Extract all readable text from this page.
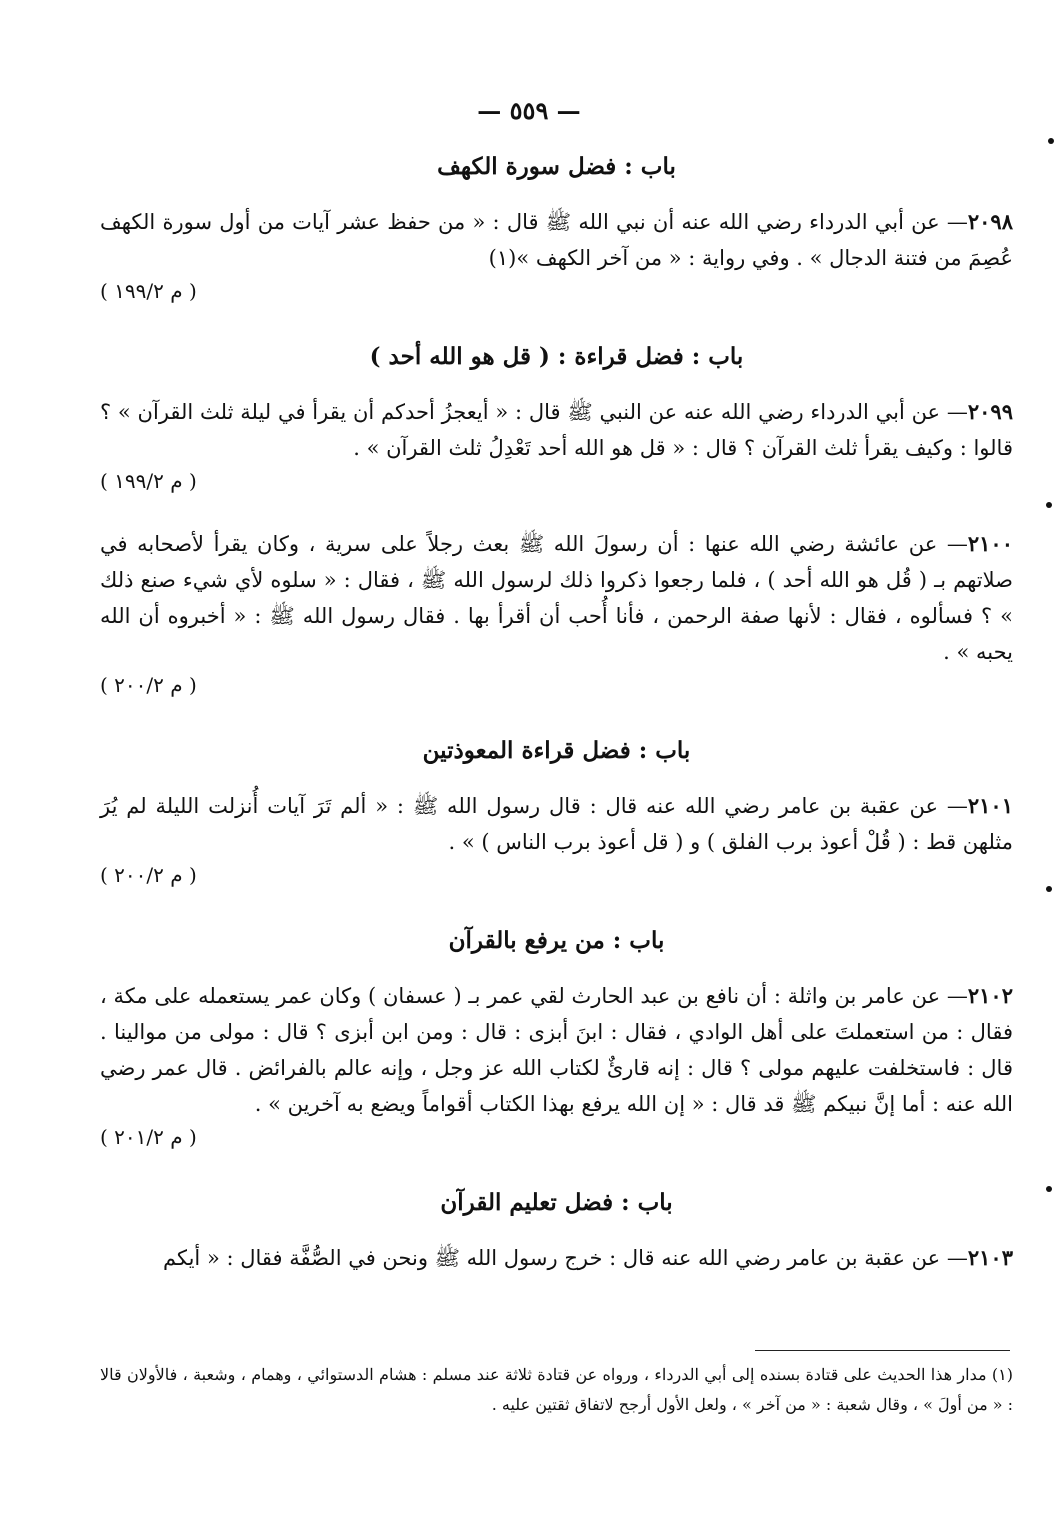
— ٥٥٩ —
باب : فضل سورة الكهف

٢٠٩٨— عن أبي الدرداء رضي الله عنه أن نبي الله ﷺ قال : « من حفظ عشر آيات من أول سورة الكهف عُصِمَ من فتنة الدجال » . وفي رواية : « من آخر الكهف »(١)
( م ١٩٩/٢ )

باب : فضل قراءة : ( قل هو الله أحد )

٢٠٩٩— عن أبي الدرداء رضي الله عنه عن النبي ﷺ قال : « أيعجزُ أحدكم أن يقرأ في ليلة ثلث القرآن » ؟ قالوا : وكيف يقرأ ثلث القرآن ؟ قال : « قل هو الله أحد تَعْدِلُ ثلث القرآن » .
( م ١٩٩/٢ )

٢١٠٠— عن عائشة رضي الله عنها : أن رسولَ الله ﷺ بعث رجلاً على سرية ، وكان يقرأ لأصحابه في صلاتهم بـ ( قُل هو الله أحد ) ، فلما رجعوا ذكروا ذلك لرسول الله ﷺ ، فقال : « سلوه لأي شيء صنع ذلك » ؟ فسألوه ، فقال : لأنها صفة الرحمن ، فأنا أُحب أن أقرأ بها . فقال رسول الله ﷺ : « أخبروه أن الله يحبه » .
( م ٢٠٠/٢ )

باب : فضل قراءة المعوذتين

٢١٠١— عن عقبة بن عامر رضي الله عنه قال : قال رسول الله ﷺ : « ألم تَرَ آيات أُنزلت الليلة لم يُرَ مثلهن قط : ( قُلْ أعوذ برب الفلق ) و ( قل أعوذ برب الناس ) » .
( م ٢٠٠/٢ )

باب : من يرفع بالقرآن

٢١٠٢— عن عامر بن واثلة : أن نافع بن عبد الحارث لقي عمر بـ ( عسفان ) وكان عمر يستعمله على مكة ، فقال : من استعملتَ على أهل الوادي ، فقال : ابنَ أبزى : قال : ومن ابن أبزى ؟ قال : مولى من موالينا . قال : فاستخلفت عليهم مولى ؟ قال : إنه قارئٌ لكتاب الله عز وجل ، وإنه عالم بالفرائض . قال عمر رضي الله عنه : أما إنَّ نبيكم ﷺ قد قال : « إن الله يرفع بهذا الكتاب أقواماً ويضع به آخرين » .
( م ٢٠١/٢ )

باب : فضل تعليم القرآن

٢١٠٣— عن عقبة بن عامر رضي الله عنه قال : خرج رسول الله ﷺ ونحن في الصُّفَّة فقال : « أيكم

(١) مدار هذا الحديث على قتادة بسنده إلى أبي الدرداء ، ورواه عن قتادة ثلاثة عند مسلم : هشام الدستوائي ، وهمام ، وشعبة ، فالأولان قالا : « من أولَ » ، وقال شعبة : « من آخر » ، ولعل الأول أرجح لاتفاق ثقتين عليه .
